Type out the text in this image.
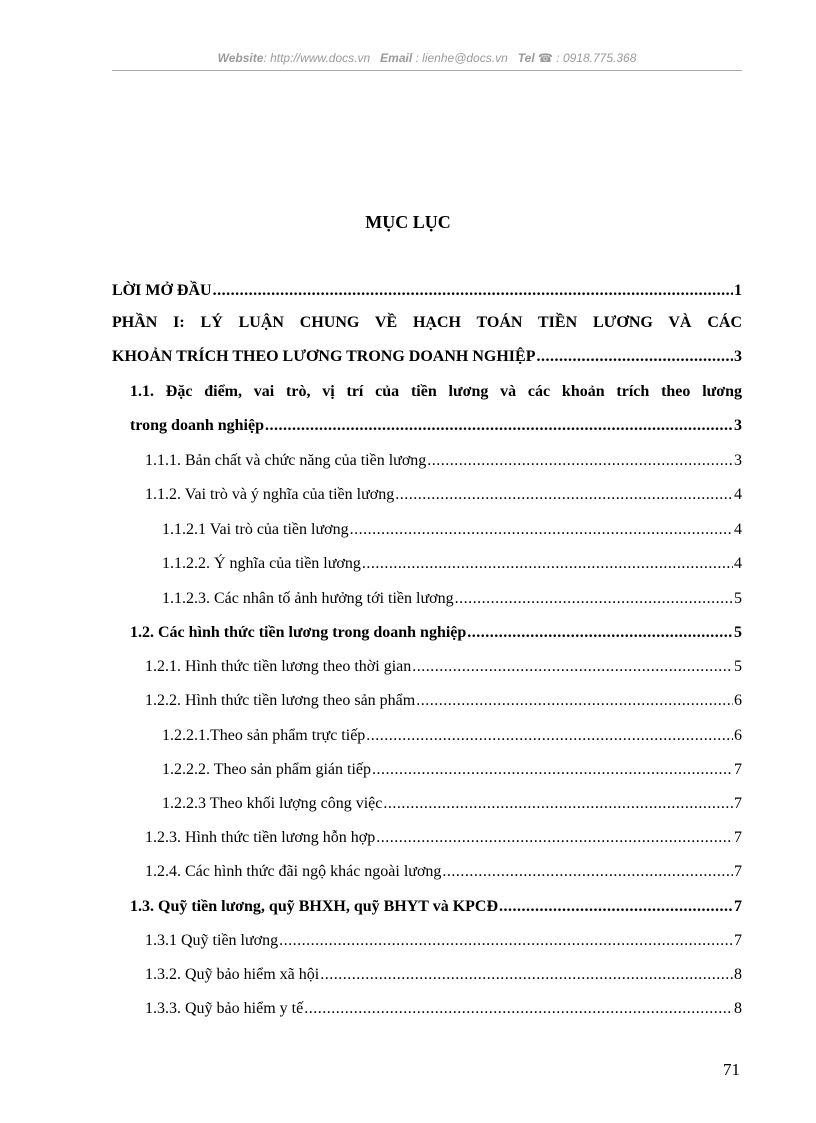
Website: http://www.docs.vn Email : lienhe@docs.vn Tel ☎ : 0918.775.368
MỤC LỤC
LỜI MỞ ĐẦU .....	1
PHẦN I: LÝ LUẬN CHUNG VỀ HẠCH TOÁN TIỀN LƯƠNG VÀ CÁC
KHOẢN TRÍCH THEO LƯƠNG TRONG DOANH NGHIỆP .....	3
1.1. Đặc điểm, vai trò, vị trí của tiền lương và các khoản trích theo lương
trong doanh nghiệp .....	3
1.1.1. Bản chất và chức năng của tiền lương .....	3
1.1.2. Vai trò và ý nghĩa của tiền lương .....	4
1.1.2.1 Vai trò của tiền lương .....	4
1.1.2.2. Ý nghĩa của tiền lương .....	4
1.1.2.3. Các nhân tố ảnh hưởng tới tiền lương .....	5
1.2. Các hình thức tiền lương trong doanh nghiệp .....	5
1.2.1. Hình thức tiền lương theo thời gian .....	5
1.2.2. Hình thức tiền lương theo sản phẩm .....	6
1.2.2.1.Theo sản phẩm trực tiếp .....	6
1.2.2.2. Theo sản phẩm gián tiếp .....	7
1.2.2.3 Theo khối lượng công việc .....	7
1.2.3. Hình thức tiền lương hỗn hợp .....	7
1.2.4. Các hình thức đãi ngộ khác ngoài lương .....	7
1.3. Quỹ tiền lương, quỹ BHXH, quỹ BHYT và KPCĐ .....	7
1.3.1 Quỹ tiền lương .....	7
1.3.2. Quỹ bảo hiểm xã hội .....	8
1.3.3. Quỹ bảo hiểm y tế .....	8
71
